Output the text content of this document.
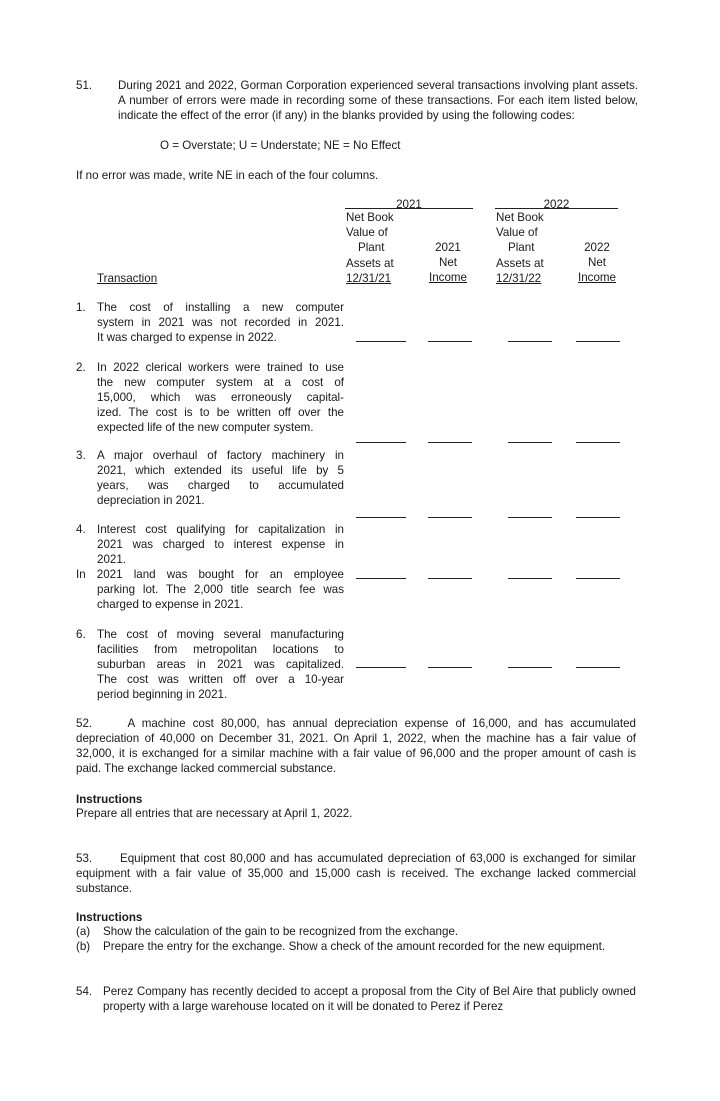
51. During 2021 and 2022, Gorman Corporation experienced several transactions involving plant assets. A number of errors were made in recording some of these transactions. For each item listed below, indicate the effect of the error (if any) in the blanks provided by using the following codes:
O = Overstate; U = Understate; NE = No Effect
If no error was made, write NE in each of the four columns.
2021	2022
Net Book
Value of
Plant
Assets at
12/31/21
2021
Net
Income
Net Book
Value of
Plant
Assets at
12/31/22
2022
Net
Income
Transaction
1. The cost of installing a new computer
system in 2021 was not recorded in 2021.
It was charged to expense in 2022.
2. In 2022 clerical workers were trained to use
the new computer system at a cost of
15,000, which was erroneously capital-
ized. The cost is to be written off over the
expected life of the new computer system.
3. A major overhaul of factory machinery in
2021, which extended its useful life by 5
years, was charged to accumulated
depreciation in 2021.
4. Interest cost qualifying for capitalization in
2021 was charged to interest expense in
2021.
In 2021 land was bought for an employee
parking lot. The 2,000 title search fee was
charged to expense in 2021.
6. The cost of moving several manufacturing
facilities from metropolitan locations to
suburban areas in 2021 was capitalized.
The cost was written off over a 10-year
period beginning in 2021.
52.	A machine cost 80,000, has annual depreciation expense of 16,000, and has accumulated depreciation of 40,000 on December 31, 2021. On April 1, 2022, when the machine has a fair value of 32,000, it is exchanged for a similar machine with a fair value of 96,000 and the proper amount of cash is paid. The exchange lacked commercial substance.
Instructions
Prepare all entries that are necessary at April 1, 2022.
53. Equipment that cost 80,000 and has accumulated depreciation of 63,000 is exchanged for similar equipment with a fair value of 35,000 and 15,000 cash is received. The exchange lacked commercial substance.
Instructions
(a) Show the calculation of the gain to be recognized from the exchange.
(b) Prepare the entry for the exchange. Show a check of the amount recorded for the new equipment.
54. Perez Company has recently decided to accept a proposal from the City of Bel Aire that publicly owned property with a large warehouse located on it will be donated to Perez if Perez
